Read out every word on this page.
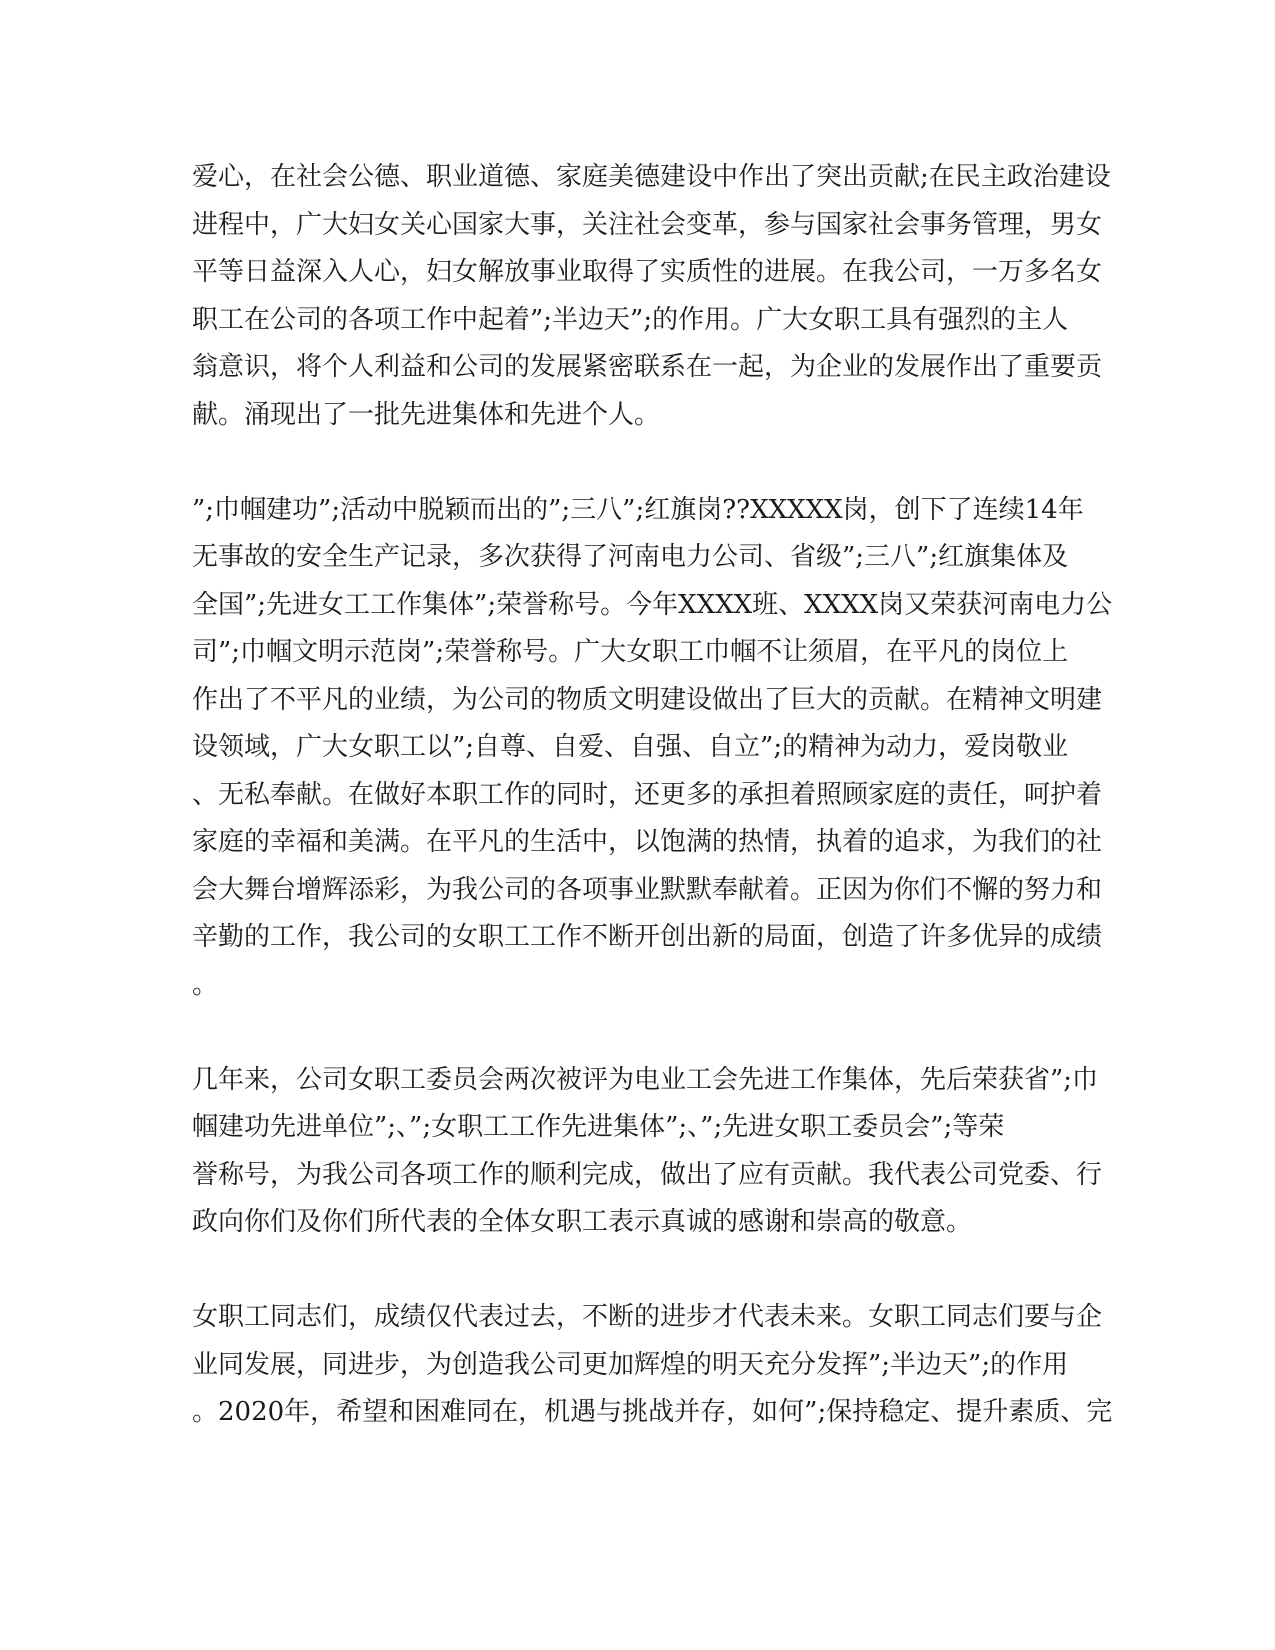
爱心，在社会公德、职业道德、家庭美德建设中作出了突出贡献;在民主政治建设
进程中，广大妇女关心国家大事，关注社会变革，参与国家社会事务管理，男女
平等日益深入人心，妇女解放事业取得了实质性的进展。在我公司，一万多名女
职工在公司的各项工作中起着”;半边天”;的作用。广大女职工具有强烈的主人
翁意识，将个人利益和公司的发展紧密联系在一起，为企业的发展作出了重要贡
献。涌现出了一批先进集体和先进个人。
”;巾帼建功”;活动中脱颖而出的”;三八”;红旗岗??XXXXX岗，创下了连续14年
无事故的安全生产记录，多次获得了河南电力公司、省级”;三八”;红旗集体及
全国”;先进女工工作集体”;荣誉称号。今年XXXX班、XXXX岗又荣获河南电力公
司”;巾帼文明示范岗”;荣誉称号。广大女职工巾帼不让须眉，在平凡的岗位上
作出了不平凡的业绩，为公司的物质文明建设做出了巨大的贡献。在精神文明建
设领域，广大女职工以”;自尊、自爱、自强、自立”;的精神为动力，爱岗敬业
、无私奉献。在做好本职工作的同时，还更多的承担着照顾家庭的责任，呵护着
家庭的幸福和美满。在平凡的生活中，以饱满的热情，执着的追求，为我们的社
会大舞台增辉添彩，为我公司的各项事业默默奉献着。正因为你们不懈的努力和
辛勤的工作，我公司的女职工工作不断开创出新的局面，创造了许多优异的成绩
。
几年来，公司女职工委员会两次被评为电业工会先进工作集体，先后荣获省”;巾
帼建功先进单位”;、”;女职工工作先进集体”;、”;先进女职工委员会”;等荣
誉称号，为我公司各项工作的顺利完成，做出了应有贡献。我代表公司党委、行
政向你们及你们所代表的全体女职工表示真诚的感谢和崇高的敬意。
女职工同志们，成绩仅代表过去，不断的进步才代表未来。女职工同志们要与企
业同发展，同进步，为创造我公司更加辉煌的明天充分发挥”;半边天”;的作用
。2020年，希望和困难同在，机遇与挑战并存，如何”;保持稳定、提升素质、完
